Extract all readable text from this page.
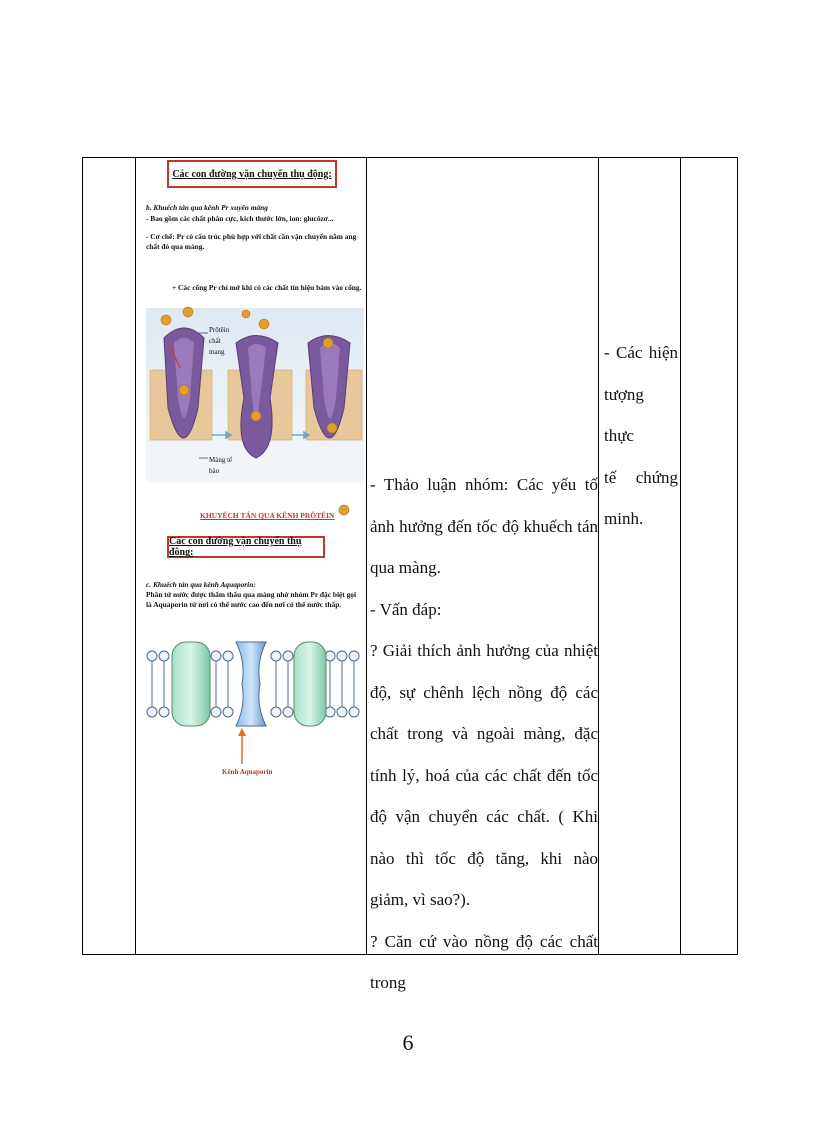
Các con đường vận chuyển thụ động:
b. Khuếch tán qua kênh Pr xuyên màng
- Bao gồm các chất phân cực, kích thước lớn, ion: glucôzơ...
- Cơ chế: Pr có cấu trúc phù hợp với chất cần vận chuyển nằm ang chất đó qua màng.
+ Các cổng Pr chỉ mở khi có các chất tín hiệu bám vào cổng.
Prôtêin chất mang
Màng tế bào
KHUYẾCH TÁN QUA KÊNH PRÔTÊIN
Các con đường vận chuyển thụ động:
c. Khuếch tán qua kênh Aquaporin:
Phân tử nước được thẩm thấu qua màng nhờ nhóm Pr đặc biệt gọi là Aquaporin từ nơi có thế nước cao đến nơi có thế nước thấp.
Kênh Aquaporin

- Thảo luận nhóm: Các yếu tố ảnh hưởng đến tốc độ khuếch tán qua màng.

- Vấn đáp:

? Giải thích ảnh hưởng của nhiệt độ, sự chênh lệch nồng độ các chất trong và ngoài màng, đặc tính lý, hoá của các chất đến tốc độ vận chuyển các chất. ( Khi nào thì tốc độ tăng, khi nào giảm, vì sao?).

? Căn cứ vào nồng độ các chất trong

- Các hiện

tượng thực

tế chứng

minh.

6
